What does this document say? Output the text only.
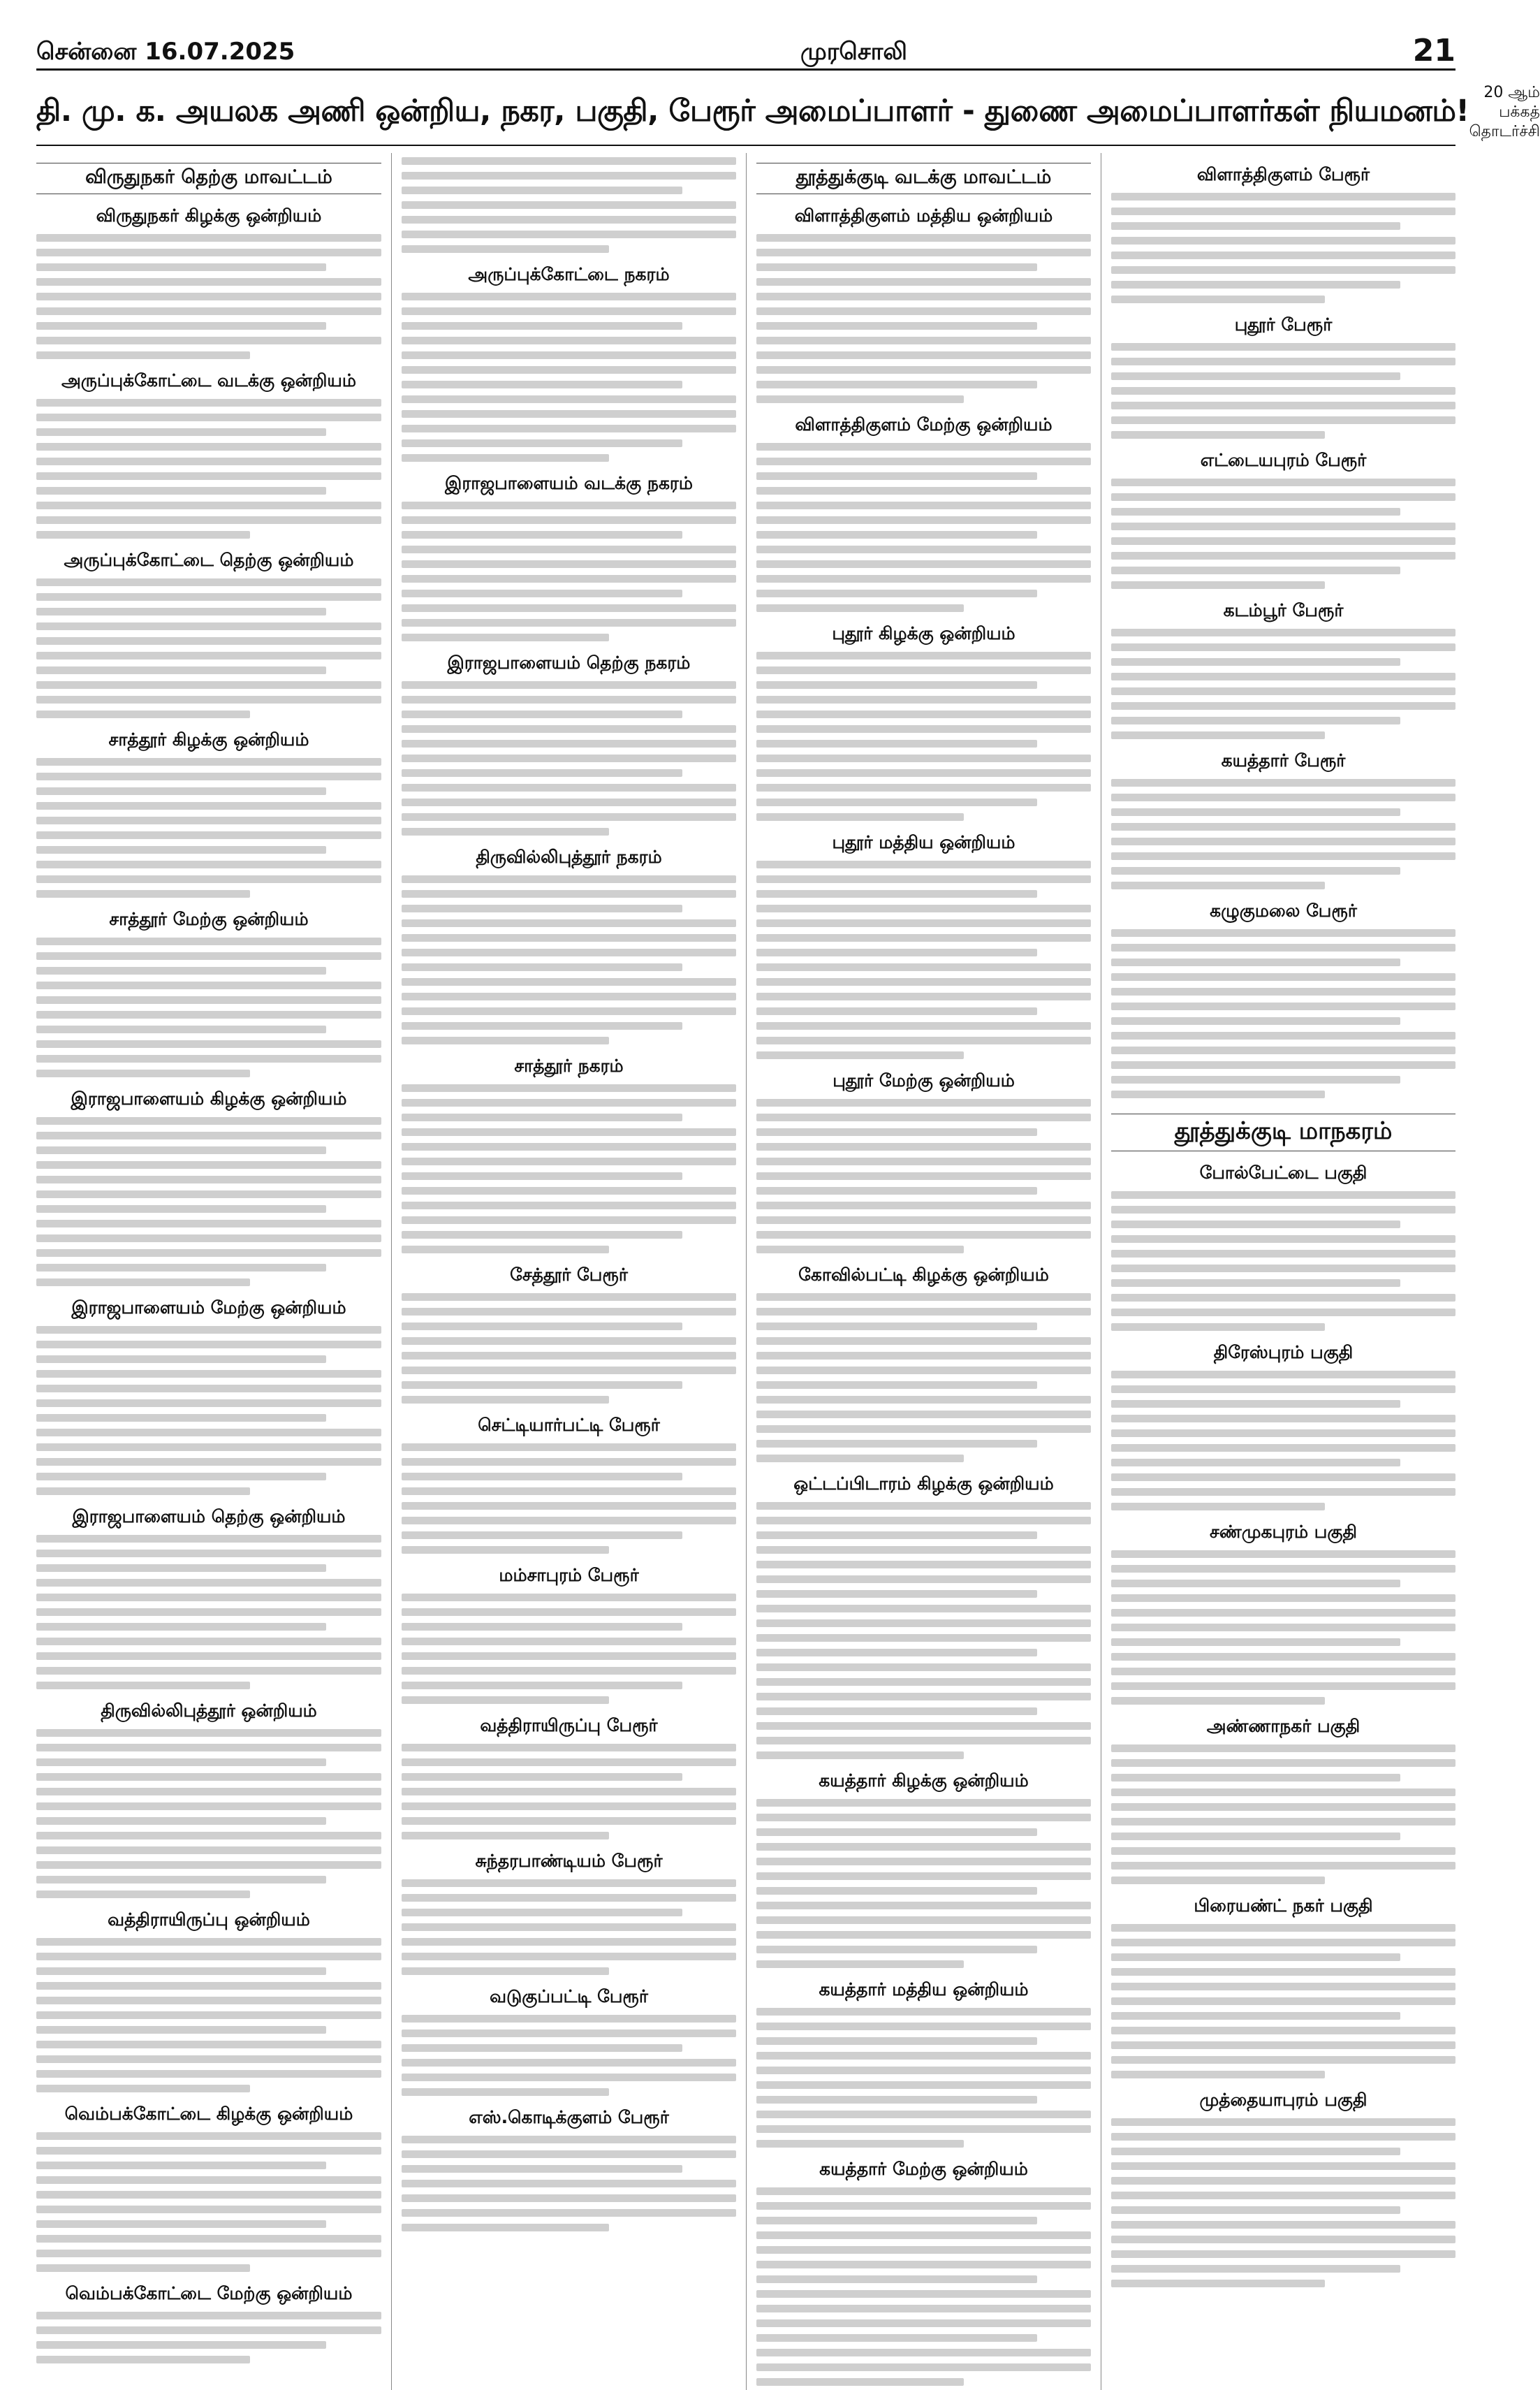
சென்னை 16.07.2025	முரசொலி	21
தி. மு. க. அயலக அணி ஒன்றிய, நகர, பகுதி, பேரூர் அமைப்பாளர் - துணை அமைப்பாளர்கள் நியமனம்!
20 ஆம் பக்கத் தொடர்ச்சி
விருதுநகர் தெற்கு மாவட்டம்
விருதுநகர் கிழக்கு ஒன்றியம்
அருப்புக்கோட்டை வடக்கு ஒன்றியம்
அருப்புக்கோட்டை தெற்கு ஒன்றியம்
சாத்தூர் கிழக்கு ஒன்றியம்
சாத்தூர் மேற்கு ஒன்றியம்
இராஜபாளையம் கிழக்கு ஒன்றியம்
இராஜபாளையம் மேற்கு ஒன்றியம்
இராஜபாளையம் தெற்கு ஒன்றியம்
திருவில்லிபுத்தூர் ஒன்றியம்
வத்திராயிருப்பு ஒன்றியம்
வெம்பக்கோட்டை கிழக்கு ஒன்றியம்
வெம்பக்கோட்டை மேற்கு ஒன்றியம்
அருப்புக்கோட்டை நகரம்
இராஜபாளையம் வடக்கு நகரம்
இராஜபாளையம் தெற்கு நகரம்
திருவில்லிபுத்தூர் நகரம்
சாத்தூர் நகரம்
சேத்தூர் பேரூர்
செட்டியார்பட்டி பேரூர்
மம்சாபுரம் பேரூர்
வத்திராயிருப்பு பேரூர்
சுந்தரபாண்டியம் பேரூர்
வடுகுப்பட்டி பேரூர்
எஸ்.கொடிக்குளம் பேரூர்
தூத்துக்குடி வடக்கு மாவட்டம்
விளாத்திகுளம் மத்திய ஒன்றியம்
விளாத்திகுளம் மேற்கு ஒன்றியம்
புதூர் கிழக்கு ஒன்றியம்
புதூர் மத்திய ஒன்றியம்
புதூர் மேற்கு ஒன்றியம்
கோவில்பட்டி கிழக்கு ஒன்றியம்
ஒட்டப்பிடாரம் கிழக்கு ஒன்றியம்
கயத்தார் கிழக்கு ஒன்றியம்
கயத்தார் மத்திய ஒன்றியம்
கயத்தார் மேற்கு ஒன்றியம்
விளாத்திகுளம் பேரூர்
புதூர் பேரூர்
எட்டையபுரம் பேரூர்
கடம்பூர் பேரூர்
கயத்தார் பேரூர்
கழுகுமலை பேரூர்
தூத்துக்குடி மாநகரம்
போல்பேட்டை பகுதி
திரேஸ்புரம் பகுதி
சண்முகபுரம் பகுதி
அண்ணாநகர் பகுதி
பிரையண்ட் நகர் பகுதி
முத்தையாபுரம் பகுதி
